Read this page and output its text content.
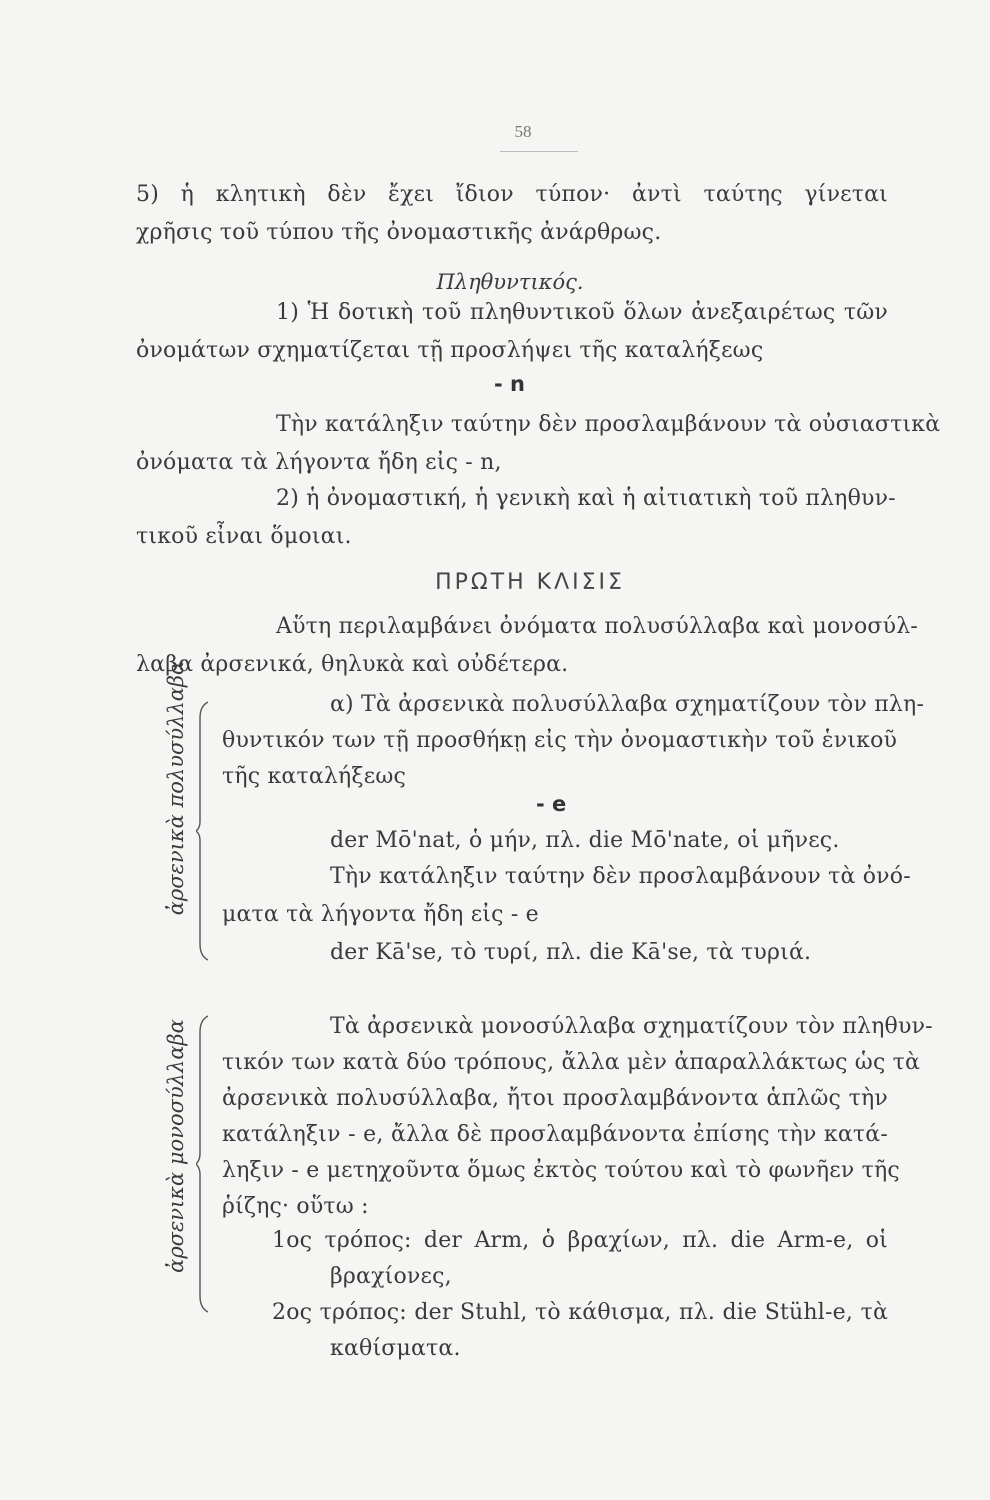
58
5) ἡ κλητικὴ δὲν ἔχει ἴδιον τύπον· ἀντὶ ταύτης γίνεται
χρῆσις τοῦ τύπου τῆς ὀνομαστικῆς ἀνάρθρως.
Πληθυντικός.
1) Ἡ δοτικὴ τοῦ πληθυντικοῦ ὅλων ἀνεξαιρέτως τῶν
ὀνομάτων σχηματίζεται τῇ προσλήψει τῆς καταλήξεως
- n
Τὴν κατάληξιν ταύτην δὲν προσλαμβάνουν τὰ οὐσιαστικὰ
ὀνόματα τὰ λήγοντα ἤδη εἰς - n,
2) ἡ ὀνομαστική, ἡ γενικὴ καὶ ἡ αἰτιατικὴ τοῦ πληθυν-
τικοῦ εἶναι ὅμοιαι.
ΠΡΩΤΗ ΚΛΙΣΙΣ
Αὕτη περιλαμβάνει ὀνόματα πολυσύλλαβα καὶ μονοσύλ-
λαβα ἀρσενικά, θηλυκὰ καὶ οὐδέτερα.
ἀρσενικὰ πολυσύλλαβα	α) Τὰ ἀρσενικὰ πολυσύλλαβα σχηματίζουν τὸν πλη-
θυντικόν των τῇ προσθήκῃ εἰς τὴν ὀνομαστικὴν τοῦ ἑνικοῦ
τῆς καταλήξεως
- e
der Mō'nat, ὁ μήν, πλ. die Mō'nate, οἱ μῆνες.
Τὴν κατάληξιν ταύτην δὲν προσλαμβάνουν τὰ ὀνό-
ματα τὰ λήγοντα ἤδη εἰς - e
der Kā'se, τὸ τυρί, πλ. die Kā'se, τὰ τυριά.
ἀρσενικὰ μονοσύλλαβα	Τὰ ἀρσενικὰ μονοσύλλαβα σχηματίζουν τὸν πληθυν-
τικόν των κατὰ δύο τρόπους, ἄλλα μὲν ἀπαραλλάκτως ὡς τὰ
ἀρσενικὰ πολυσύλλαβα, ἤτοι προσλαμβάνοντα ἁπλῶς τὴν
κατάληξιν - e, ἄλλα δὲ προσλαμβάνοντα ἐπίσης τὴν κατά-
ληξιν - e μετηχοῦντα ὅμως ἐκτὸς τούτου καὶ τὸ φωνῆεν τῆς
ῥίζης· οὕτω :
1ος τρόπος: der Arm, ὁ βραχίων, πλ. die Arm-e, οἱ
βραχίονες,
2ος τρόπος: der Stuhl, τὸ κάθισμα, πλ. die Stühl-e, τὰ
καθίσματα.
